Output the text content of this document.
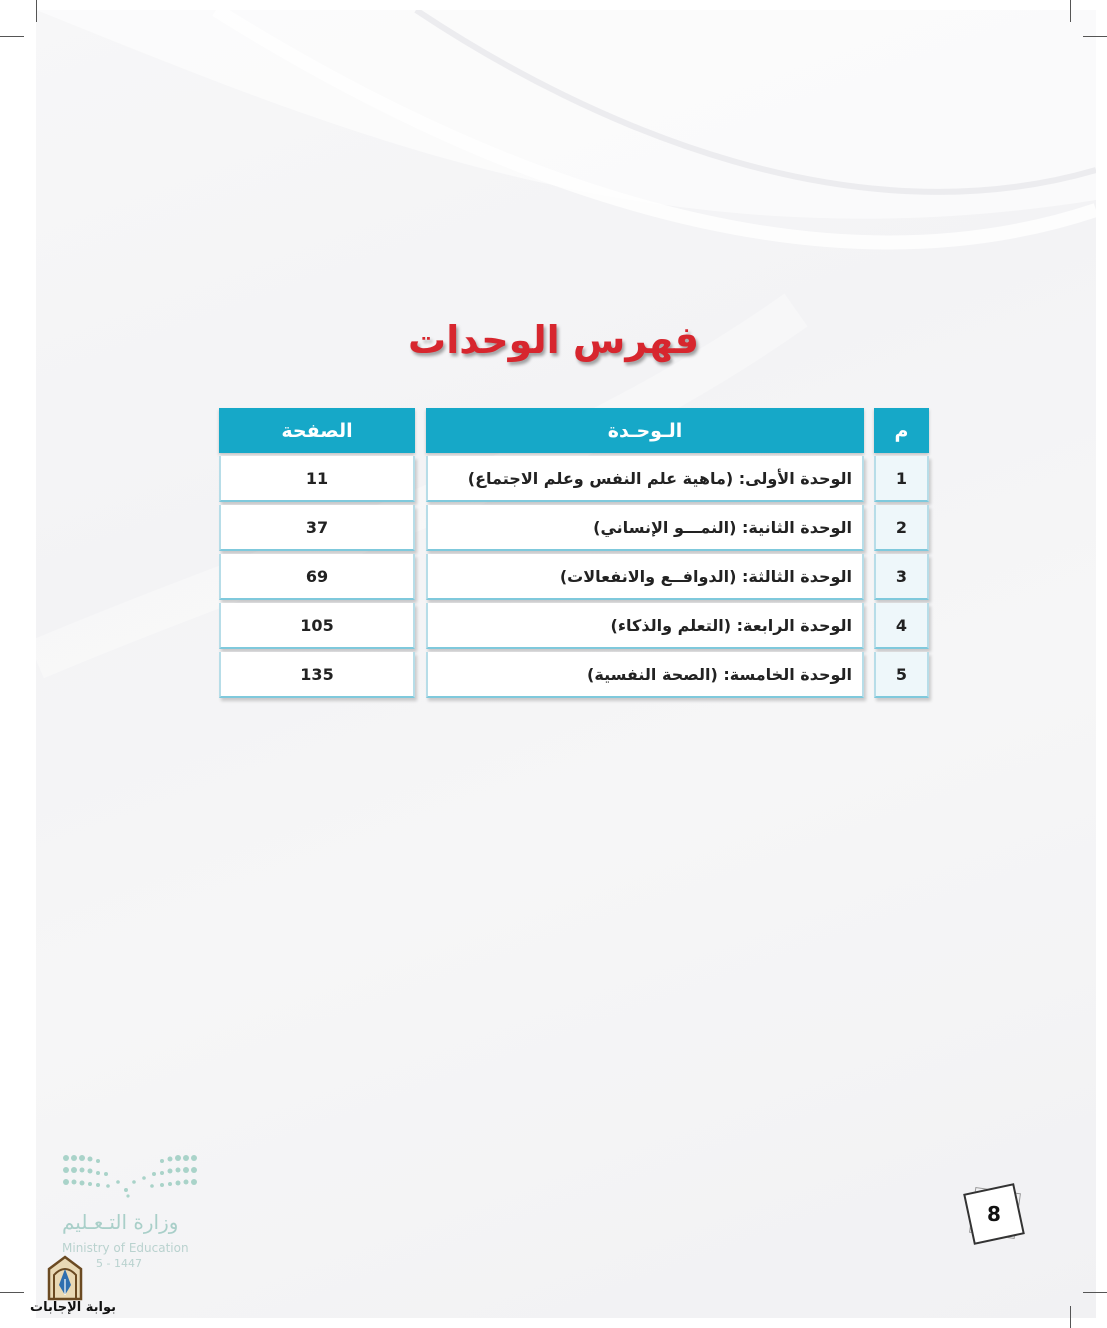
فهرس الوحدات
الصفحة
11
37
69
105
135
الـوحـدة
الوحدة الأولى: (ماهية علم النفس وعلم الاجتماع)
الوحدة الثانية: (النمـــو الإنساني)
الوحدة الثالثة: (الدوافــع والانفعالات)
الوحدة الرابعة: (التعلم والذكاء)
الوحدة الخامسة: (الصحة النفسية)
م
1
2
3
4
5
وزارة التـعـليم
Ministry of Education
5 - 1447
بوابة الإجابات
8
